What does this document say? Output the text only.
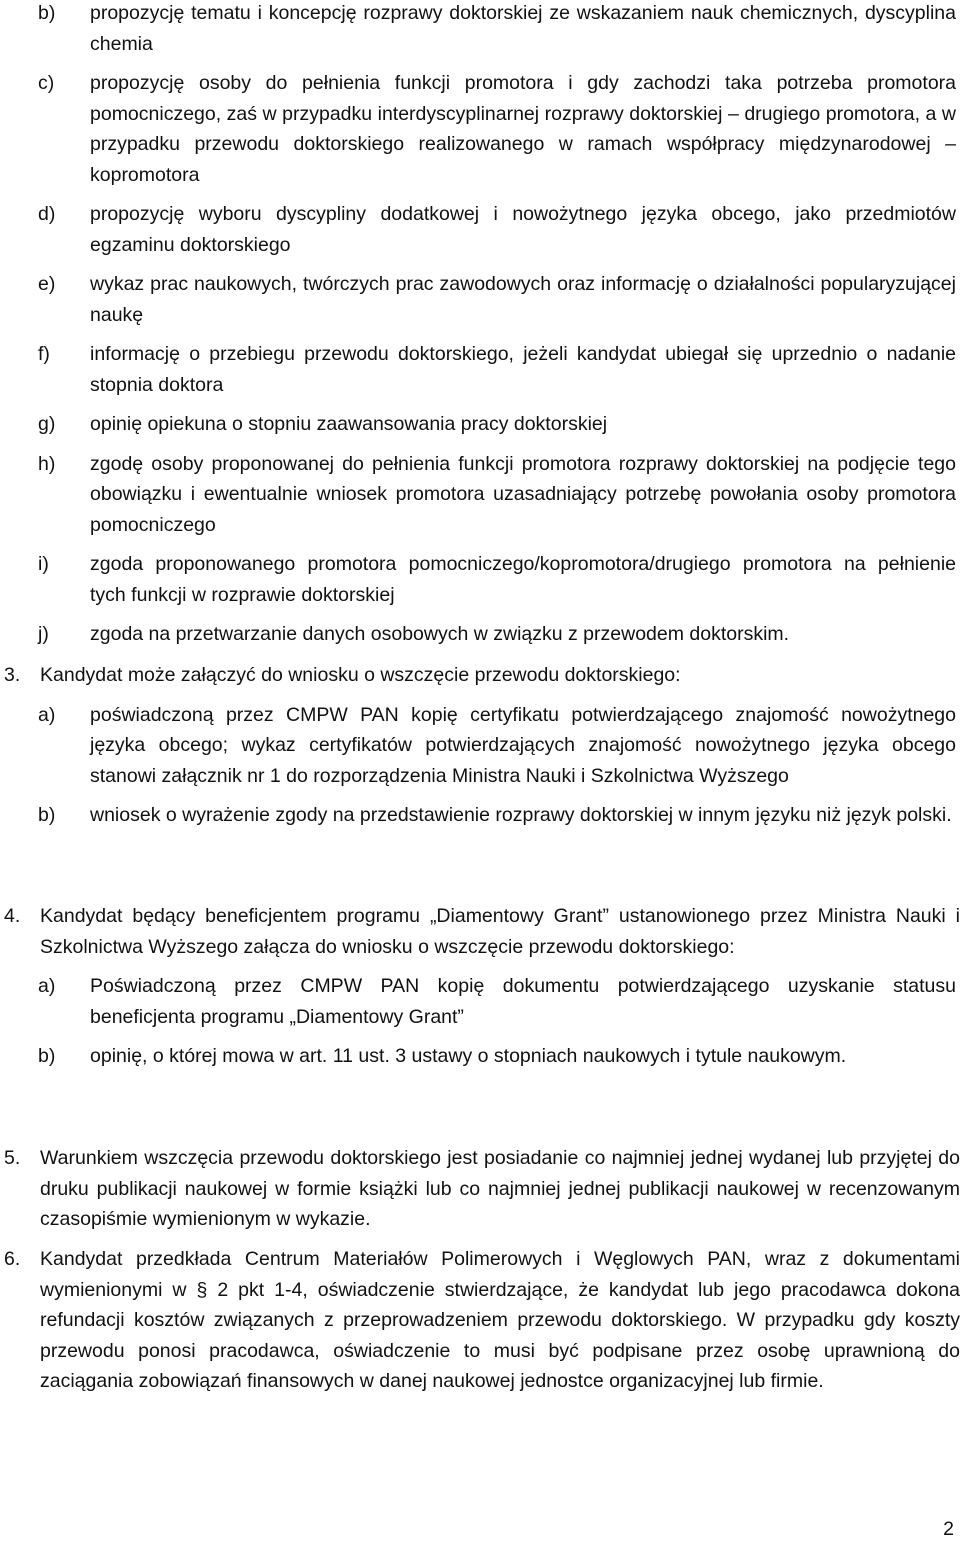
b)	propozycję tematu i koncepcję rozprawy doktorskiej ze wskazaniem nauk chemicznych, dyscyplina chemia
c)	propozycję osoby do pełnienia funkcji promotora i gdy zachodzi taka potrzeba promotora pomocniczego, zaś w przypadku interdyscyplinarnej rozprawy doktorskiej – drugiego promotora, a w przypadku przewodu doktorskiego realizowanego w ramach współpracy międzynarodowej – kopromotora
d)	propozycję wyboru dyscypliny dodatkowej i nowożytnego języka obcego, jako przedmiotów egzaminu doktorskiego
e)	wykaz prac naukowych, twórczych prac zawodowych oraz informację o działalności popularyzującej naukę
f)	informację o przebiegu przewodu doktorskiego, jeżeli kandydat ubiegał się uprzednio o nadanie stopnia doktora
g)	opinię opiekuna o stopniu zaawansowania pracy doktorskiej
h)	zgodę osoby proponowanej do pełnienia funkcji promotora rozprawy doktorskiej na podjęcie tego obowiązku i ewentualnie wniosek promotora uzasadniający potrzebę powołania osoby promotora pomocniczego
i)	zgoda proponowanego promotora pomocniczego/kopromotora/drugiego promotora na pełnienie tych funkcji w rozprawie doktorskiej
j)	zgoda na przetwarzanie danych osobowych w związku z przewodem doktorskim.
3.	Kandydat może załączyć do wniosku o wszczęcie przewodu doktorskiego:
a)	poświadczoną przez CMPW PAN kopię certyfikatu potwierdzającego znajomość nowożytnego języka obcego; wykaz certyfikatów potwierdzających znajomość nowożytnego języka obcego stanowi załącznik nr 1 do rozporządzenia Ministra Nauki i Szkolnictwa Wyższego
b)	wniosek o wyrażenie zgody na przedstawienie rozprawy doktorskiej w innym języku niż język polski.
4.	Kandydat będący beneficjentem programu „Diamentowy Grant” ustanowionego przez Ministra Nauki i Szkolnictwa Wyższego załącza do wniosku o wszczęcie przewodu doktorskiego:
a)	Poświadczoną przez CMPW PAN kopię dokumentu potwierdzającego uzyskanie statusu beneficjenta programu „Diamentowy Grant”
b)	opinię, o której mowa w art. 11 ust. 3 ustawy o stopniach naukowych i tytule naukowym.
5.	Warunkiem wszczęcia przewodu doktorskiego jest posiadanie co najmniej jednej wydanej lub przyjętej do druku publikacji naukowej w formie książki lub co najmniej jednej publikacji naukowej w recenzowanym czasopiśmie wymienionym w wykazie.
6.	Kandydat przedkłada Centrum Materiałów Polimerowych i Węglowych PAN, wraz z dokumentami wymienionymi w § 2 pkt 1-4, oświadczenie stwierdzające, że kandydat lub jego pracodawca dokona refundacji kosztów związanych z przeprowadzeniem przewodu doktorskiego. W przypadku gdy koszty przewodu ponosi pracodawca, oświadczenie to musi być podpisane przez osobę uprawnioną do zaciągania zobowiązań finansowych w danej naukowej jednostce organizacyjnej lub firmie.
2
